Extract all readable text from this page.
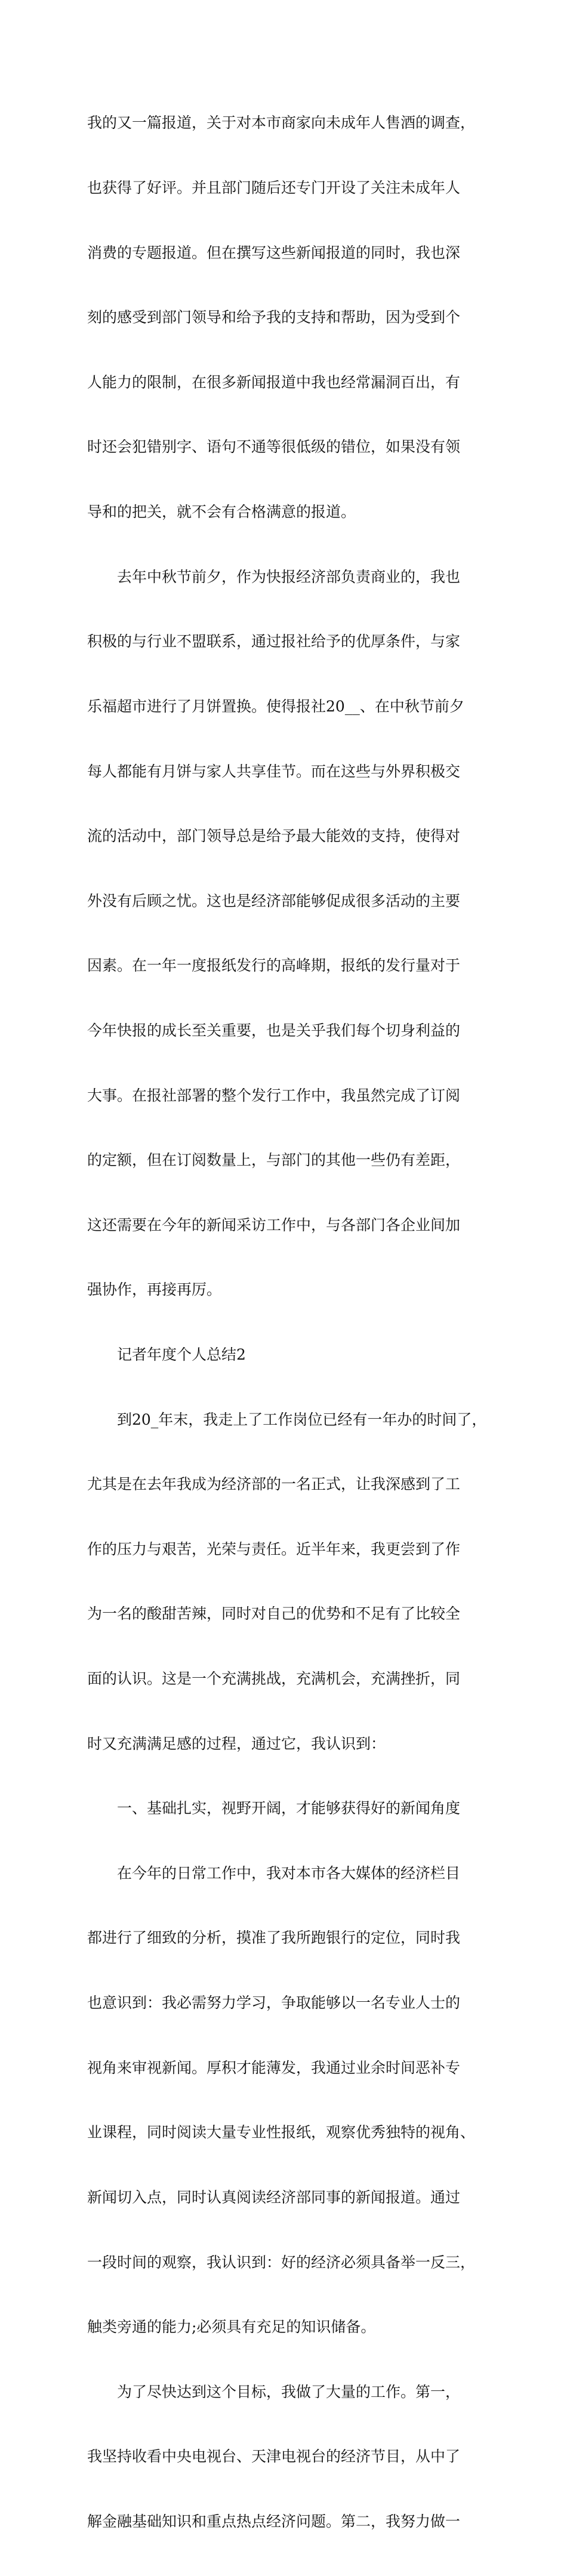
我的又一篇报道，关于对本市商家向未成年人售酒的调查，

也获得了好评。并且部门随后还专门开设了关注未成年人

消费的专题报道。但在撰写这些新闻报道的同时，我也深

刻的感受到部门领导和给予我的支持和帮助，因为受到个

人能力的限制，在很多新闻报道中我也经常漏洞百出，有

时还会犯错别字、语句不通等很低级的错位，如果没有领

导和的把关，就不会有合格满意的报道。

　　去年中秋节前夕，作为快报经济部负责商业的，我也

积极的与行业不盟联系，通过报社给予的优厚条件，与家

乐福超市进行了月饼置换。使得报社20__、在中秋节前夕

每人都能有月饼与家人共享佳节。而在这些与外界积极交

流的活动中，部门领导总是给予最大能效的支持，使得对

外没有后顾之忧。这也是经济部能够促成很多活动的主要

因素。在一年一度报纸发行的高峰期，报纸的发行量对于

今年快报的成长至关重要，也是关乎我们每个切身利益的

大事。在报社部署的整个发行工作中，我虽然完成了订阅

的定额，但在订阅数量上，与部门的其他一些仍有差距，

这还需要在今年的新闻采访工作中，与各部门各企业间加

强协作，再接再厉。

　　记者年度个人总结2

　　到20_年末，我走上了工作岗位已经有一年办的时间了，

尤其是在去年我成为经济部的一名正式，让我深感到了工

作的压力与艰苦，光荣与责任。近半年来，我更尝到了作

为一名的酸甜苦辣，同时对自己的优势和不足有了比较全

面的认识。这是一个充满挑战，充满机会，充满挫折，同

时又充满满足感的过程，通过它，我认识到：

　　一、基础扎实，视野开阔，才能够获得好的新闻角度

　　在今年的日常工作中，我对本市各大媒体的经济栏目

都进行了细致的分析，摸准了我所跑银行的定位，同时我

也意识到：我必需努力学习，争取能够以一名专业人士的

视角来审视新闻。厚积才能薄发，我通过业余时间恶补专

业课程，同时阅读大量专业性报纸，观察优秀独特的视角、

新闻切入点，同时认真阅读经济部同事的新闻报道。通过

一段时间的观察，我认识到：好的经济必须具备举一反三，

触类旁通的能力;必须具有充足的知识储备。

　　为了尽快达到这个目标，我做了大量的工作。第一，

我坚持收看中央电视台、天津电视台的经济节目，从中了

解金融基础知识和重点热点经济问题。第二，我努力做一
